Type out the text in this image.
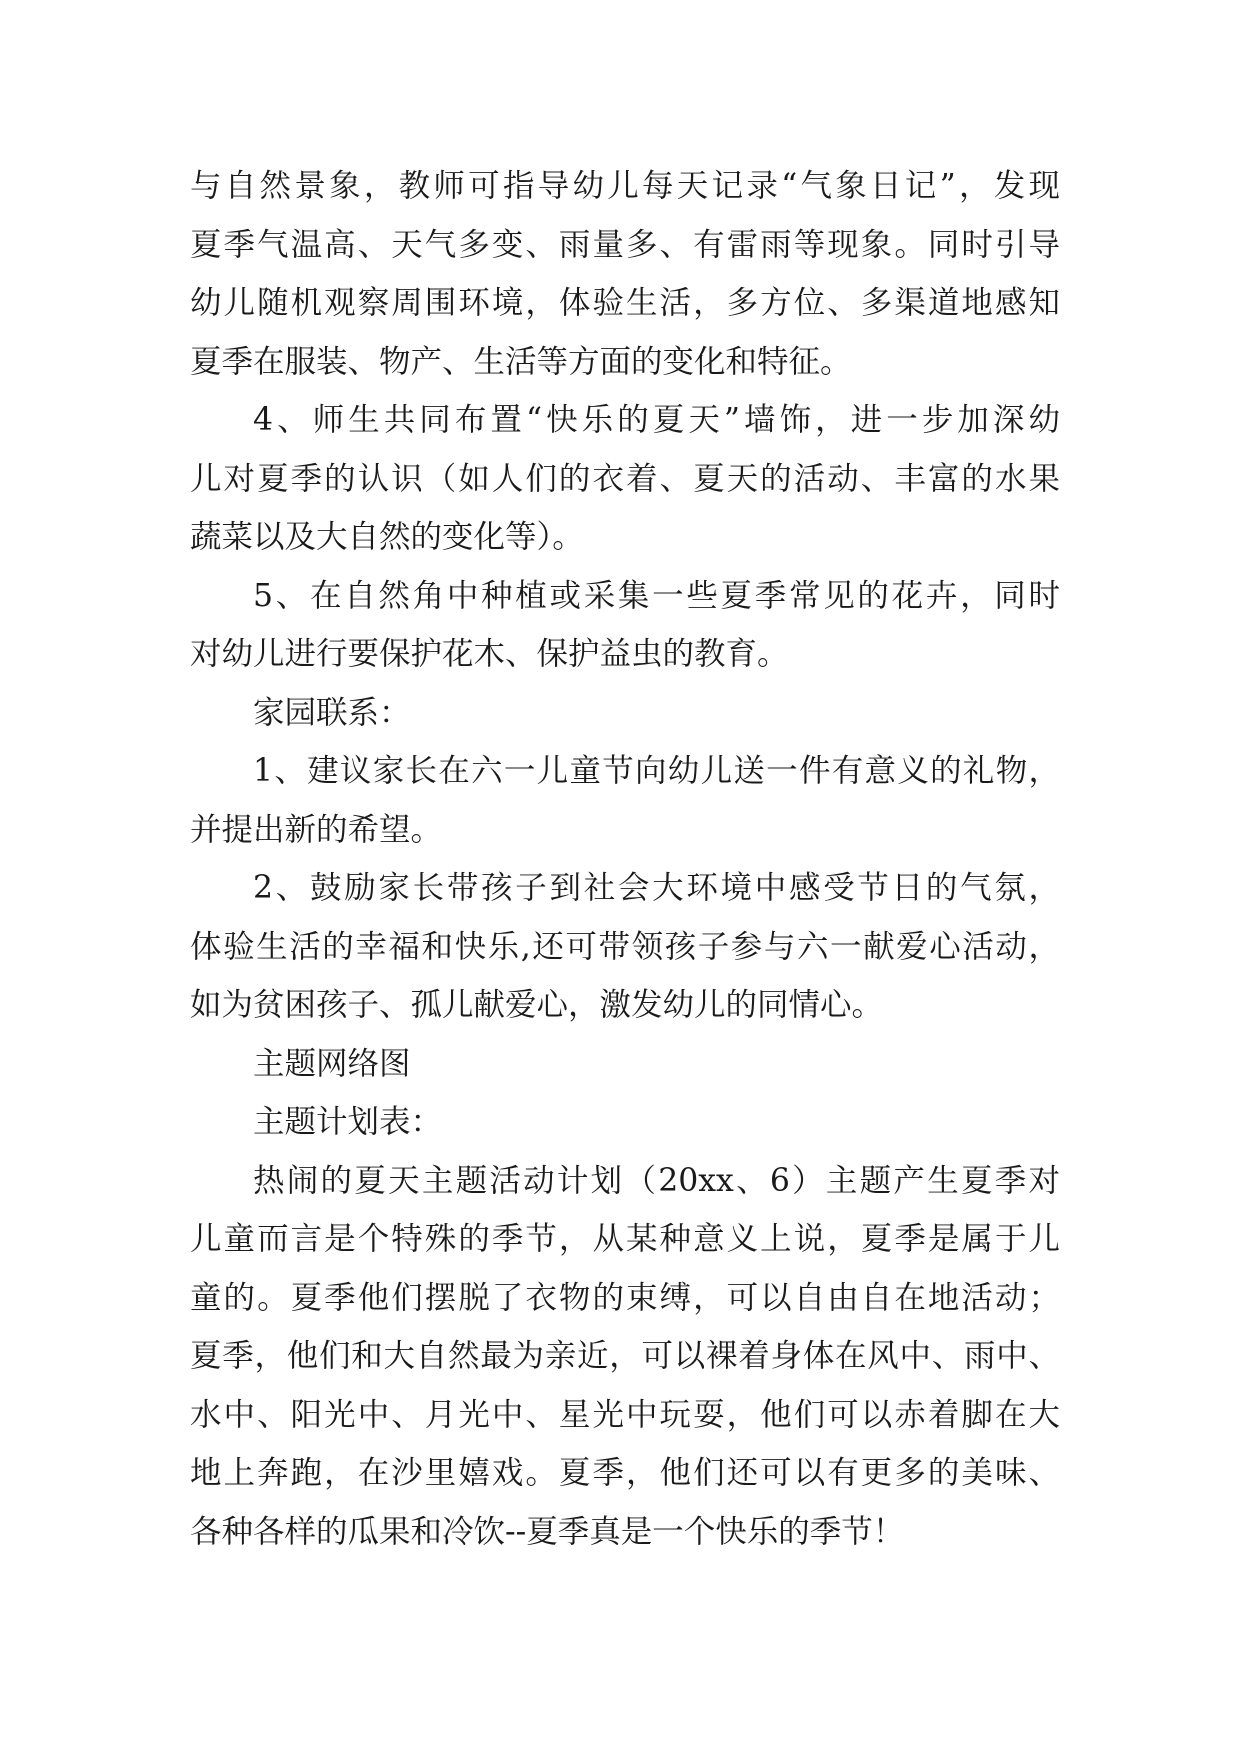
与自然景象，教师可指导幼儿每天记录“气象日记”，发现
夏季气温高、天气多变、雨量多、有雷雨等现象。同时引导
幼儿随机观察周围环境，体验生活，多方位、多渠道地感知
夏季在服装、物产、生活等方面的变化和特征。
4、师生共同布置“快乐的夏天”墙饰，进一步加深幼
儿对夏季的认识（如人们的衣着、夏天的活动、丰富的水果
蔬菜以及大自然的变化等）。
5、在自然角中种植或采集一些夏季常见的花卉，同时
对幼儿进行要保护花木、保护益虫的教育。
家园联系：
1、建议家长在六一儿童节向幼儿送一件有意义的礼物，
并提出新的希望。
2、鼓励家长带孩子到社会大环境中感受节日的气氛，
体验生活的幸福和快乐,还可带领孩子参与六一献爱心活动，
如为贫困孩子、孤儿献爱心，激发幼儿的同情心。
主题网络图
主题计划表：
热闹的夏天主题活动计划（20xx、6）主题产生夏季对
儿童而言是个特殊的季节，从某种意义上说，夏季是属于儿
童的。夏季他们摆脱了衣物的束缚，可以自由自在地活动；
夏季，他们和大自然最为亲近，可以裸着身体在风中、雨中、
水中、阳光中、月光中、星光中玩耍，他们可以赤着脚在大
地上奔跑，在沙里嬉戏。夏季，他们还可以有更多的美味、
各种各样的瓜果和冷饮--夏季真是一个快乐的季节！
